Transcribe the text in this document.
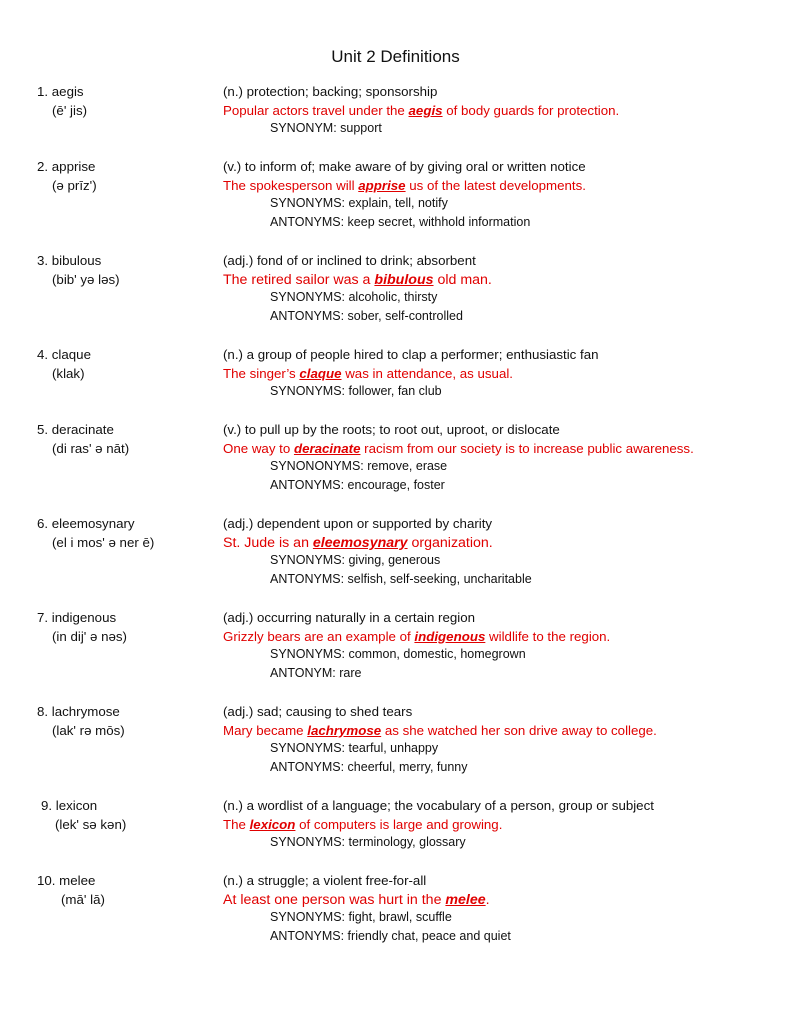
Unit 2 Definitions
1. aegis
(ē' jis)
(n.) protection; backing; sponsorship
Popular actors travel under the aegis of body guards for protection.
SYNONYM: support
2. apprise
(ə prīz')
(v.) to inform of; make aware of by giving oral or written notice
The spokesperson will apprise us of the latest developments.
SYNONYMS: explain, tell, notify
ANTONYMS: keep secret, withhold information
3. bibulous
(bib' yə ləs)
(adj.) fond of or inclined to drink; absorbent
The retired sailor was a bibulous old man.
SYNONYMS: alcoholic, thirsty
ANTONYMS: sober, self-controlled
4. claque
(klak)
(n.) a group of people hired to clap a performer; enthusiastic fan
The singer’s claque was in attendance, as usual.
SYNONYMS: follower, fan club
5. deracinate
(di ras' ə nāt)
(v.) to pull up by the roots; to root out, uproot, or dislocate
One way to deracinate racism from our society is to increase public awareness.
SYNONONYMS: remove, erase
ANTONYMS: encourage, foster
6. eleemosynary
(el i mos' ə ner ē)
(adj.) dependent upon or supported by charity
St. Jude is an eleemosynary organization.
SYNONYMS: giving, generous
ANTONYMS: selfish, self-seeking, uncharitable
7. indigenous
(in dij' ə nəs)
(adj.) occurring naturally in a certain region
Grizzly bears are an example of indigenous wildlife to the region.
SYNONYMS: common, domestic, homegrown
ANTONYM: rare
8. lachrymose
(lak' rə mōs)
(adj.) sad; causing to shed tears
Mary became lachrymose as she watched her son drive away to college.
SYNONYMS: tearful, unhappy
ANTONYMS: cheerful, merry, funny
9. lexicon
(lek' sə kən)
(n.) a wordlist of a language; the vocabulary of a person, group or subject
The lexicon of computers is large and growing.
SYNONYMS: terminology, glossary
10. melee
(mā' lā)
(n.) a struggle; a violent free-for-all
At least one person was hurt in the melee.
SYNONYMS: fight, brawl, scuffle
ANTONYMS: friendly chat, peace and quiet
